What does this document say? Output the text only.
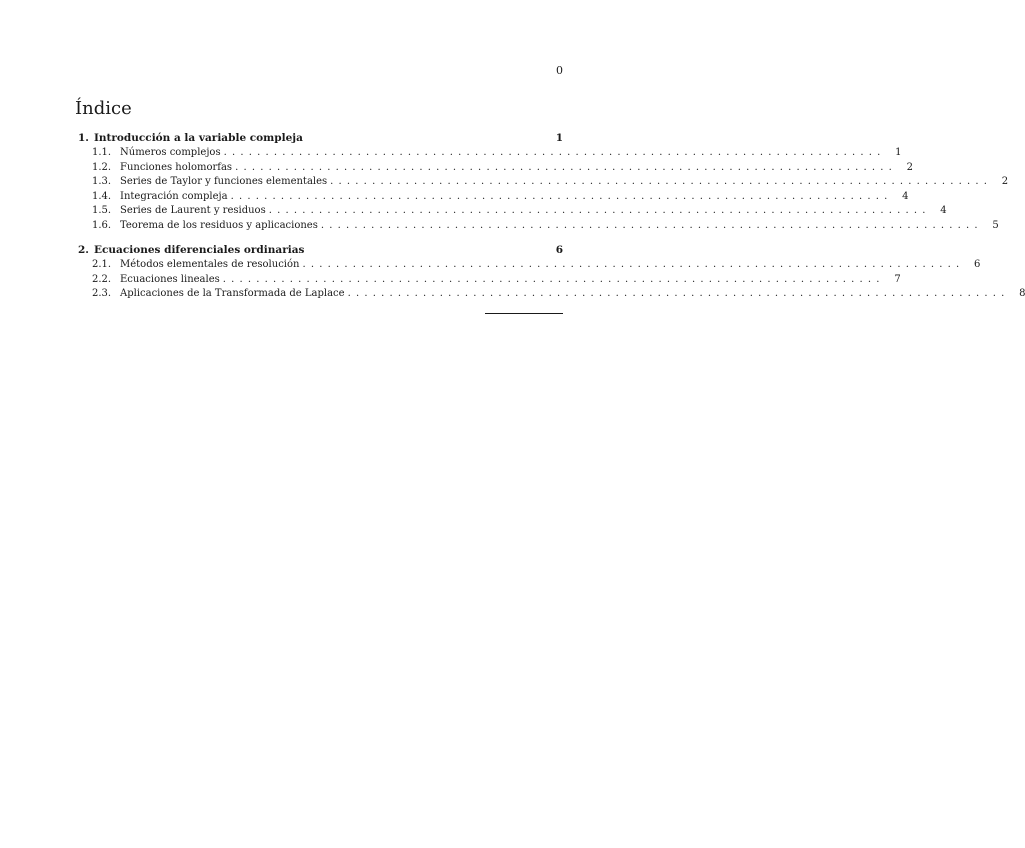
0
Índice
1. Introducción a la variable compleja	1
1.1. Números complejos ............................................................................... 1
1.2. Funciones holomorfas ............................................................................... 2
1.3. Series de Taylor y funciones elementales ............................................................................... 2
1.4. Integración compleja ............................................................................... 4
1.5. Series de Laurent y residuos ............................................................................... 4
1.6. Teorema de los residuos y aplicaciones ............................................................................... 5
2. Ecuaciones diferenciales ordinarias	6
2.1. Métodos elementales de resolución ............................................................................... 6
2.2. Ecuaciones lineales ............................................................................... 7
2.3. Aplicaciones de la Transformada de Laplace ............................................................................... 8
